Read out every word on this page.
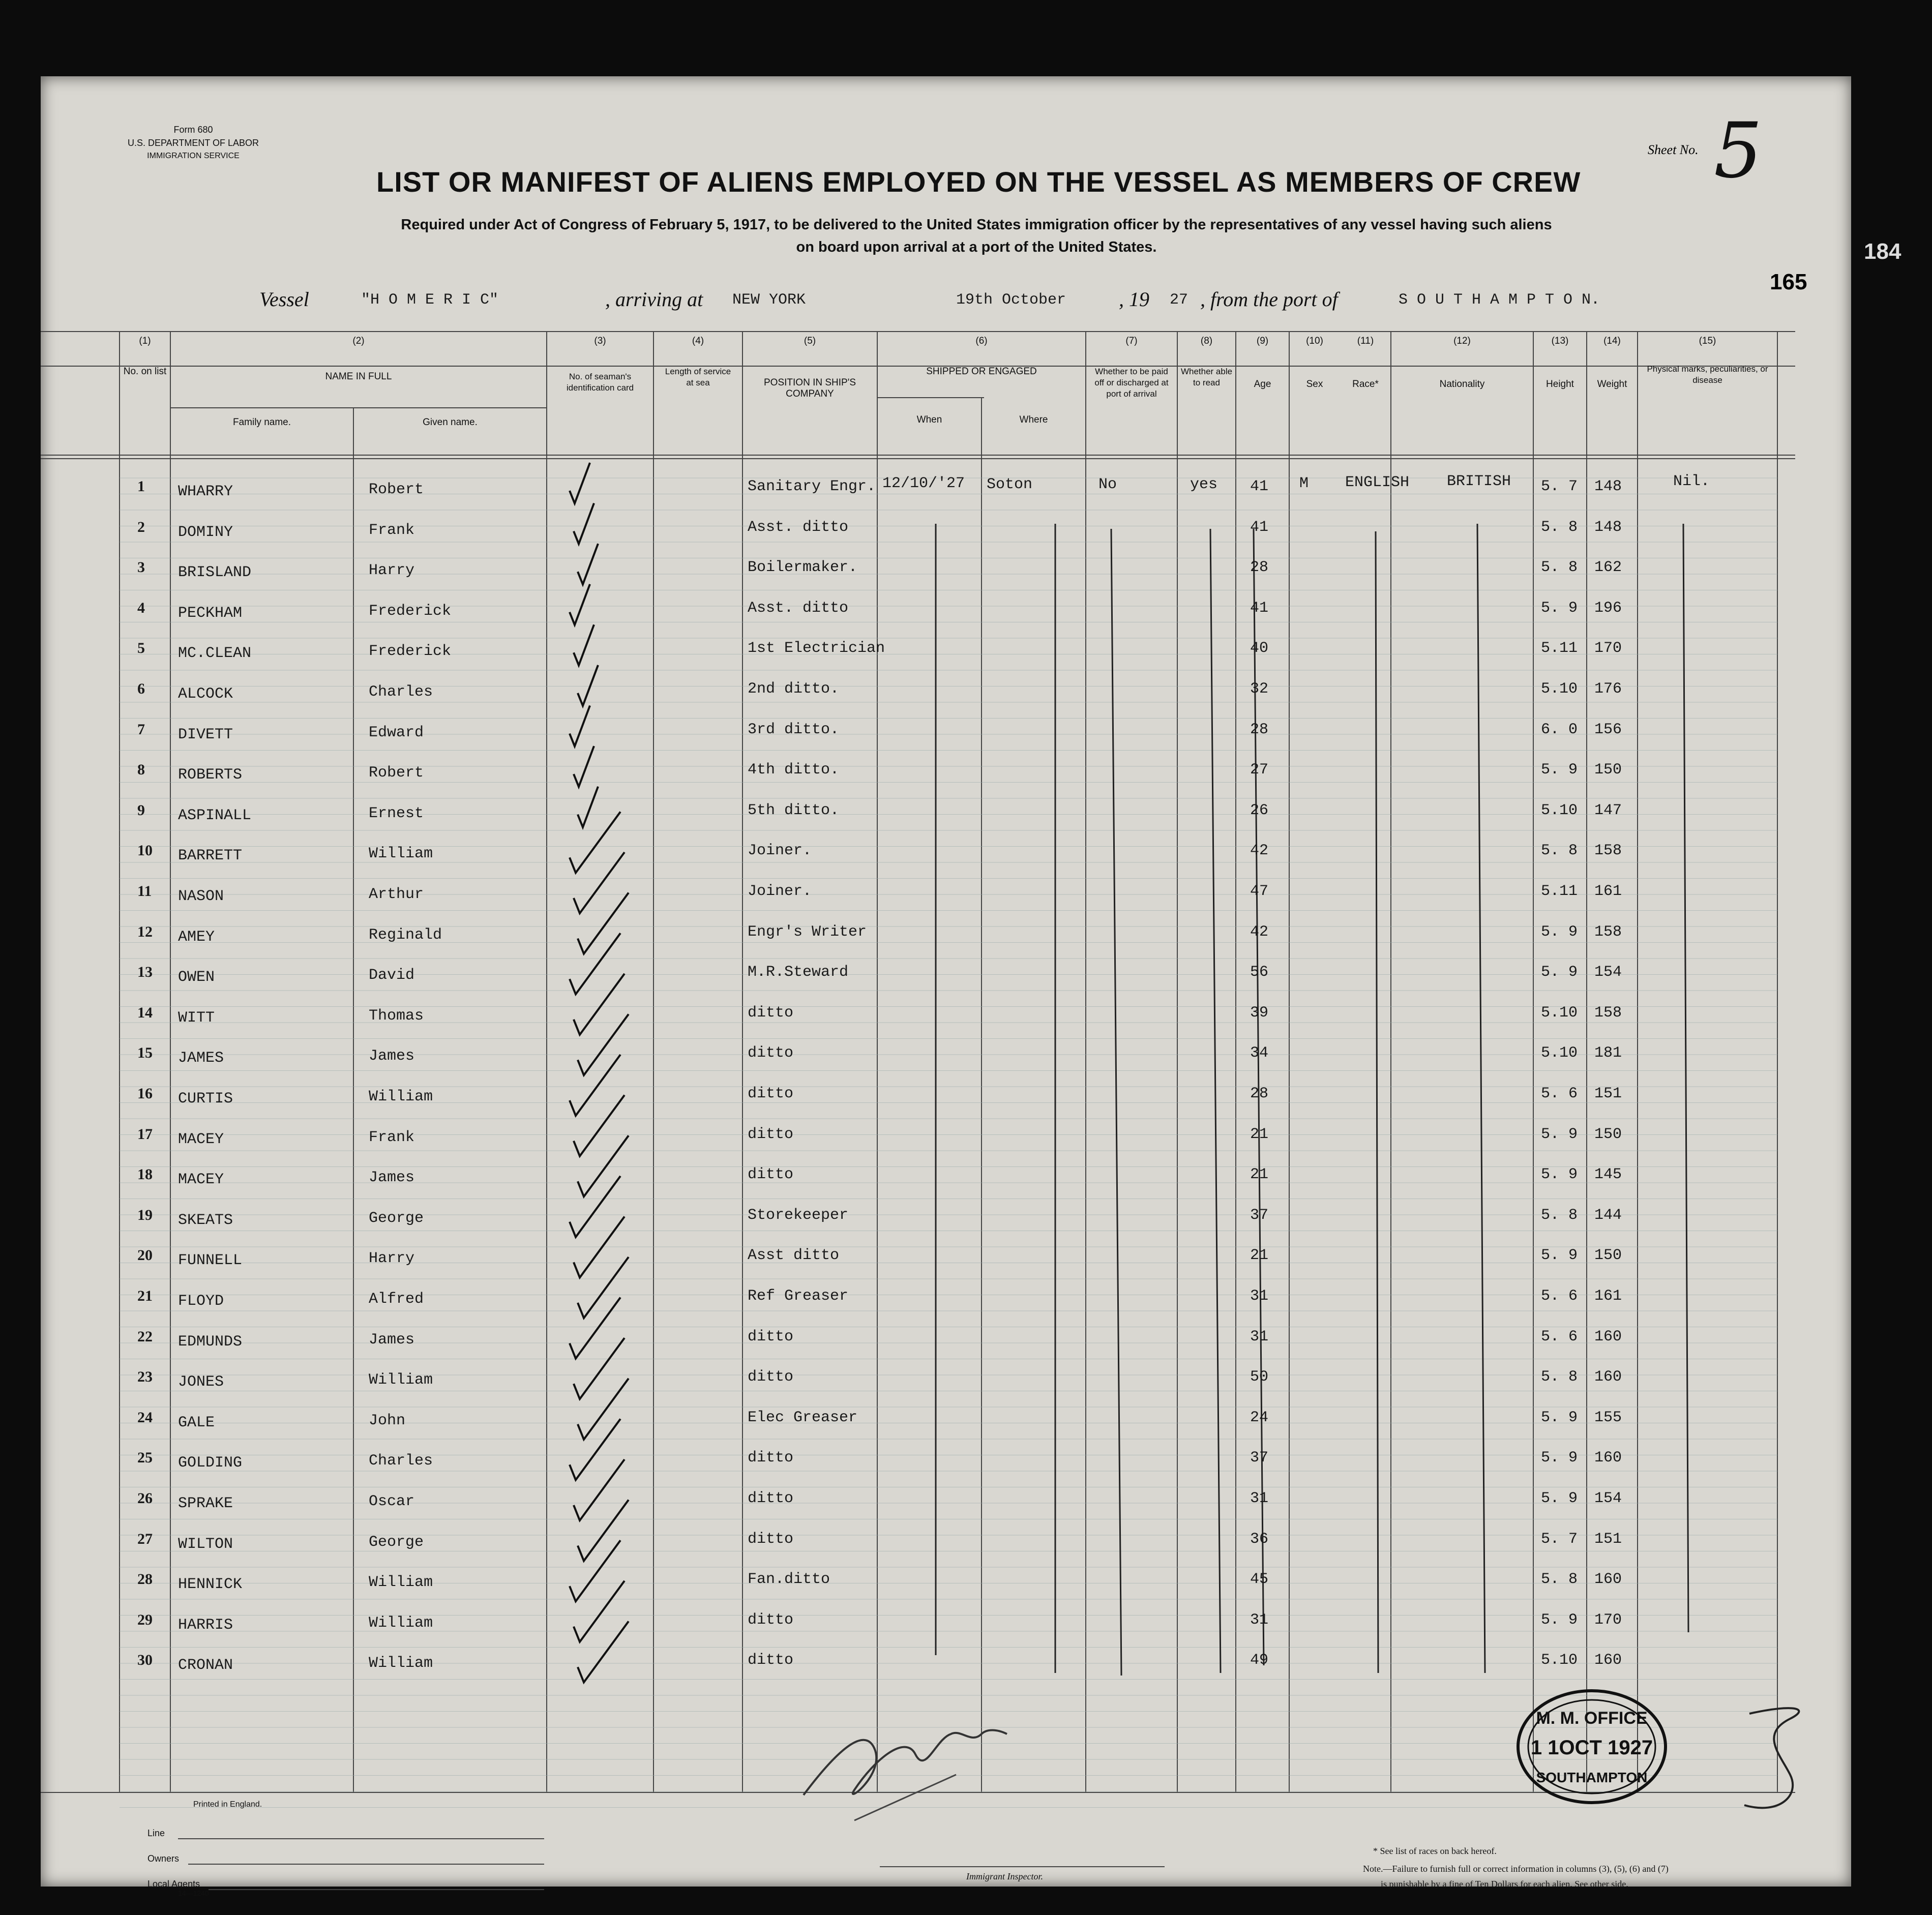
Form 680
U.S. DEPARTMENT OF LABOR
IMMIGRATION SERVICE	Sheet No. 5
165
184
LIST OR MANIFEST OF ALIENS EMPLOYED ON THE VESSEL AS MEMBERS OF CREW
Required under Act of Congress of February 5, 1917, to be delivered to the United States immigration officer by the representatives of any vessel having such aliens
on board upon arrival at a port of the United States.
Vessel	"H O M E R I C"	, arriving at NEW YORK	19th October	, 19 27 , from the port of	S O U T H A M P T O N.
M. M. OFFICE
1 1OCT 1927
SOUTHAMPTON
(1)
No. on list
(2)
NAME IN FULL
Family name.	Given name.
(3)
No. of seaman's identification card
(4)
Length of service at sea
(5)
POSITION IN SHIP'S COMPANY
(6)
SHIPPED OR ENGAGED
When	Where
(7)
Whether to be paid off or discharged at port of arrival
(8)
Whether able to read
(9)
Age
(10)
Sex
(11)
Race*
(12)
Nationality
(13)
Height
(14)
Weight
(15)
Physical marks, peculiarities, or disease
12/10/'27 Soton	No	yes	M ENGLISH BRITISH	Nil.
1 WHARRY	Robert	Sanitary Engr.	41	5. 7 148
2 DOMINY	Frank	Asst. ditto	41	5. 8 148
3 BRISLAND	Harry	Boilermaker.	28	5. 8 162
4 PECKHAM	Frederick	Asst. ditto	41	5. 9 196
5 MC.CLEAN	Frederick	1st Electrician	40	5.11 170
6 ALCOCK	Charles	2nd ditto.	32	5.10 176
7 DIVETT	Edward	3rd ditto.	28	6. 0 156
8 ROBERTS	Robert	4th ditto.	27	5. 9 150
9 ASPINALL	Ernest	5th ditto.	26	5.10 147
10 BARRETT	William	Joiner.	42	5. 8 158
11 NASON	Arthur	Joiner.	47	5.11 161
12 AMEY	Reginald	Engr's Writer	42	5. 9 158
13 OWEN	David	M.R.Steward	56	5. 9 154
14 WITT	Thomas	ditto	39	5.10 158
15 JAMES	James	ditto	34	5.10 181
16 CURTIS	William	ditto	28	5. 6 151
17 MACEY	Frank	ditto	21	5. 9 150
18 MACEY	James	ditto	21	5. 9 145
19 SKEATS	George	Storekeeper	37	5. 8 144
20 FUNNELL	Harry	Asst ditto	21	5. 9 150
21 FLOYD	Alfred	Ref Greaser	31	5. 6 161
22 EDMUNDS	James	ditto	31	5. 6 160
23 JONES	William	ditto	50	5. 8 160
24 GALE	John	Elec Greaser	24	5. 9 155
25 GOLDING	Charles	ditto	37	5. 9 160
26 SPRAKE	Oscar	ditto	31	5. 9 154
27 WILTON	George	ditto	36	5. 7 151
28 HENNICK	William	Fan.ditto	45	5. 8 160
29 HARRIS	William	ditto	31	5. 9 170
30 CRONAN	William	ditto	49	5.10 160
Printed in England.
Line
Owners
Local Agents
14—1240
Immigrant Inspector.
* See list of races on back hereof.
Note.—Failure to furnish full or correct information in columns (3), (5), (6) and (7)
is punishable by a fine of Ten Dollars for each alien. See other side.
